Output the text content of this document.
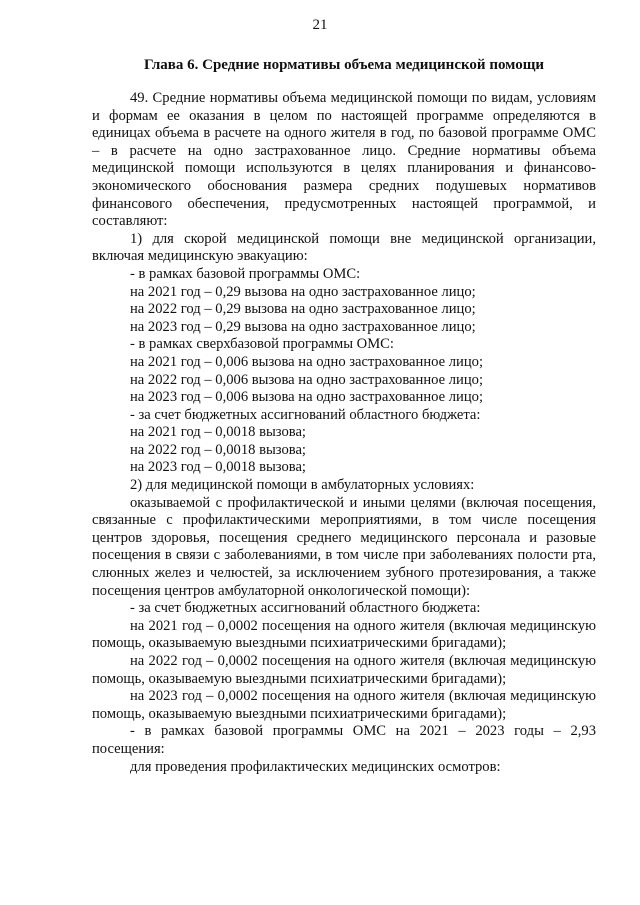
21
Глава 6. Средние нормативы объема медицинской помощи

49. Средние нормативы объема медицинской помощи по видам, условиям и формам ее оказания в целом по настоящей программе определяются в единицах объема в расчете на одного жителя в год, по базовой программе ОМС – в расчете на одно застрахованное лицо. Средние нормативы объема медицинской помощи используются в целях планирования и финансово-экономического обоснования размера средних подушевых нормативов финансового обеспечения, предусмотренных настоящей программой, и составляют:

1) для скорой медицинской помощи вне медицинской организации, включая медицинскую эвакуацию:

- в рамках базовой программы ОМС:

на 2021 год – 0,29 вызова на одно застрахованное лицо;

на 2022 год – 0,29 вызова на одно застрахованное лицо;

на 2023 год – 0,29 вызова на одно застрахованное лицо;

- в рамках сверхбазовой программы ОМС:

на 2021 год – 0,006 вызова на одно застрахованное лицо;

на 2022 год – 0,006 вызова на одно застрахованное лицо;

на 2023 год – 0,006 вызова на одно застрахованное лицо;

- за счет бюджетных ассигнований областного бюджета:

на 2021 год – 0,0018 вызова;

на 2022 год – 0,0018 вызова;

на 2023 год – 0,0018 вызова;

2) для медицинской помощи в амбулаторных условиях:

оказываемой с профилактической и иными целями (включая посещения, связанные с профилактическими мероприятиями, в том числе посещения центров здоровья, посещения среднего медицинского персонала и разовые посещения в связи с заболеваниями, в том числе при заболеваниях полости рта, слюнных желез и челюстей, за исключением зубного протезирования, а также посещения центров амбулаторной онкологической помощи):

- за счет бюджетных ассигнований областного бюджета:

на 2021 год – 0,0002 посещения на одного жителя (включая медицинскую помощь, оказываемую выездными психиатрическими бригадами);

на 2022 год – 0,0002 посещения на одного жителя (включая медицинскую помощь, оказываемую выездными психиатрическими бригадами);

на 2023 год – 0,0002 посещения на одного жителя (включая медицинскую помощь, оказываемую выездными психиатрическими бригадами);

- в рамках базовой программы ОМС на 2021 – 2023 годы – 2,93 посещения:

для проведения профилактических медицинских осмотров:
